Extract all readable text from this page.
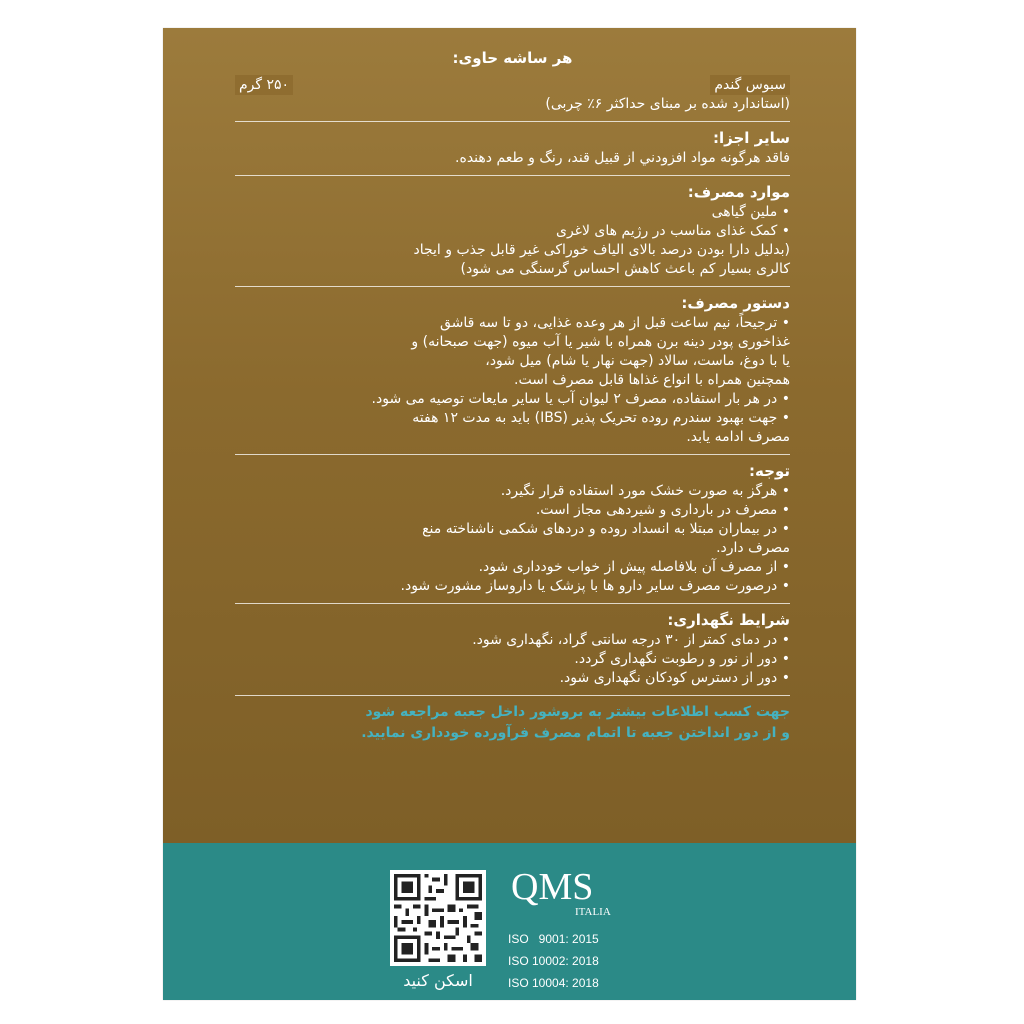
هر ساشه حاوی:
سبوس گندم
۲۵۰ گرم
(استاندارد شده بر مبنای حداکثر ۶٪ چربی)
سایر اجزا:
فاقد هرگونه مواد افزودني از قبیل قند، رنگ و طعم دهنده.
موارد مصرف:
• ملین گیاهی
• کمک غذای مناسب در رژیم های لاغری
(بدلیل دارا بودن درصد بالای الیاف خوراکی غیر قابل جذب و ایجاد
کالری بسیار کم باعث کاهش احساس گرسنگی می شود)
دستور مصرف:
• ترجیحاً، نیم ساعت قبل از هر وعده غذایی، دو تا سه قاشق
غذاخوری پودر دینه برن همراه با شیر یا آب میوه (جهت صبحانه) و
یا با دوغ، ماست، سالاد (جهت نهار یا شام) میل شود،
همچنین همراه با انواع غذاها قابل مصرف است.
• در هر بار استفاده، مصرف ۲ لیوان آب یا سایر مایعات توصیه می شود.
• جهت بهبود سندرم روده تحریک پذیر (IBS) باید به مدت ۱۲ هفته
مصرف ادامه یابد.
توجه:
• هرگز به صورت خشک مورد استفاده قرار نگیرد.
• مصرف در بارداری و شیردهی مجاز است.
• در بیماران مبتلا به انسداد روده و دردهای شکمی ناشناخته منع
مصرف دارد.
• از مصرف آن بلافاصله پیش از خواب خودداری شود.
• درصورت مصرف سایر دارو ها با پزشک یا داروساز مشورت شود.
شرایط نگهداری:
• در دمای کمتر از ۳۰ درجه سانتی گراد، نگهداری شود.
• دور از نور و رطوبت نگهداری گردد.
• دور از دسترس کودکان نگهداری شود.
جهت کسب اطلاعات بیشتر به بروشور داخل جعبه مراجعه شود
و از دور انداختن جعبه تا اتمام مصرف فرآورده خودداری نمایید.
اسکن کنید
QMS
ITALIA
ISO   9001: 2015
ISO 10002: 2018
ISO 10004: 2018
